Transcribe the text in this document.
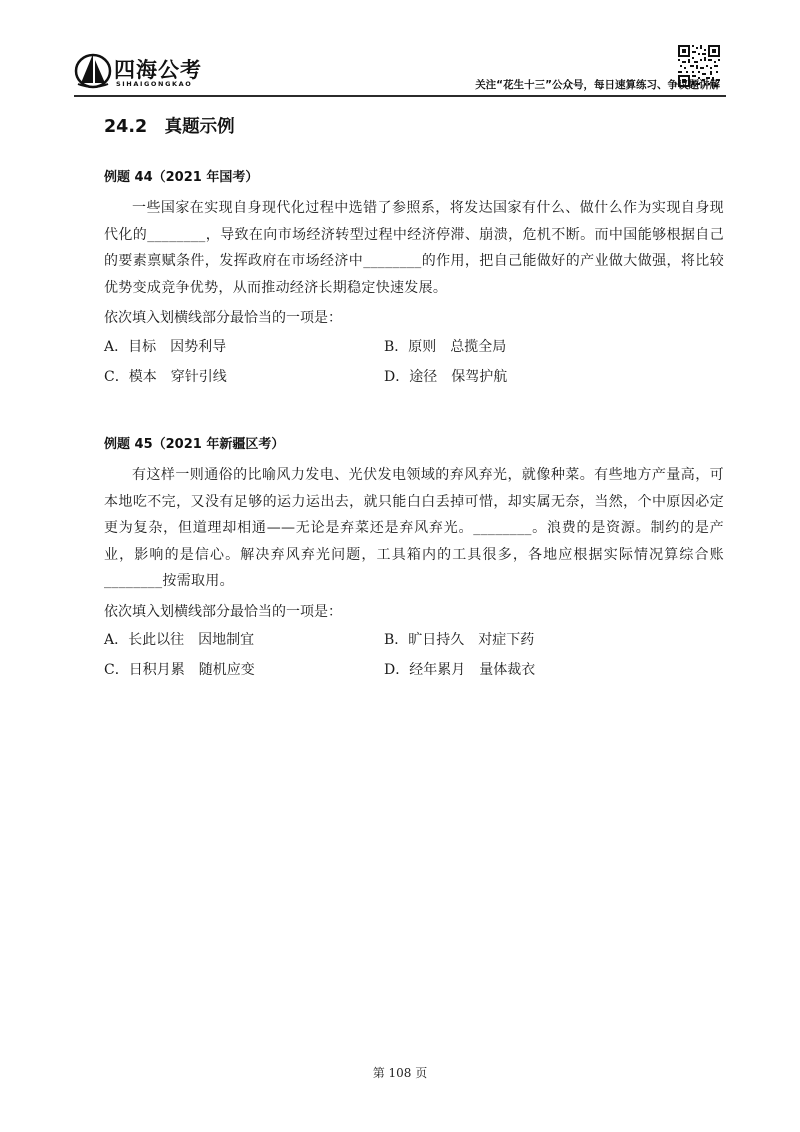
四海公考
SIHAIGONGKAO	关注“花生十三”公众号，每日速算练习、争议题讲解
24.2　真题示例
例题 44（2021 年国考）

一些国家在实现自身现代化过程中选错了参照系，将发达国家有什么、做什么作为实现自身现代化的________，导致在向市场经济转型过程中经济停滞、崩溃，危机不断。而中国能够根据自己的要素禀赋条件，发挥政府在市场经济中________的作用，把自己能做好的产业做大做强，将比较优势变成竞争优势，从而推动经济长期稳定快速发展。

依次填入划横线部分最恰当的一项是：

A．目标　因势利导	B．原则　总揽全局
C．模本　穿针引线	D．途径　保驾护航
例题 45（2021 年新疆区考）

有这样一则通俗的比喻风力发电、光伏发电领域的弃风弃光，就像种菜。有些地方产量高，可本地吃不完，又没有足够的运力运出去，就只能白白丢掉可惜，却实属无奈，当然，个中原因必定更为复杂，但道理却相通——无论是弃菜还是弃风弃光。________。浪费的是资源。制约的是产业，影响的是信心。解决弃风弃光问题，工具箱内的工具很多，各地应根据实际情况算综合账________按需取用。

依次填入划横线部分最恰当的一项是：

A．长此以往　因地制宜	B．旷日持久　对症下药
C．日积月累　随机应变	D．经年累月　量体裁衣
第 108 页
